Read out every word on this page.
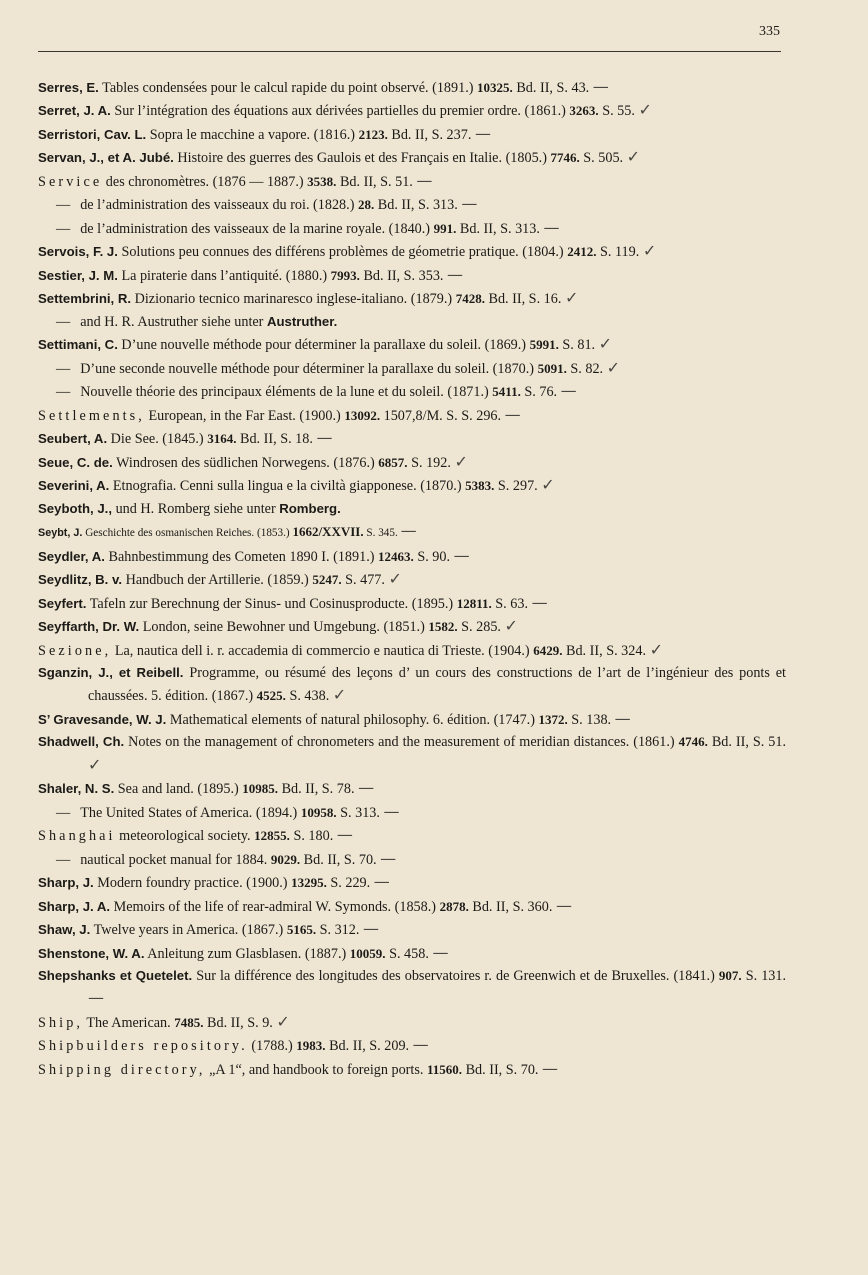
335
Serres, E. Tables condensées pour le calcul rapide du point observé. (1891.) 10325. Bd. II, S. 43. —
Serret, J. A. Sur l’intégration des équations aux dérivées partielles du premier ordre. (1861.) 3263. S. 55. ✓
Serristori, Cav. L. Sopra le macchine a vapore. (1816.) 2123. Bd. II, S. 237. —
Servan, J., et A. Jubé. Histoire des guerres des Gaulois et des Français en Italie. (1805.) 7746. S. 505. ✓
Service des chronomètres. (1876 — 1887.) 3538. Bd. II, S. 51. —
— de l’administration des vaisseaux du roi. (1828.) 28. Bd. II, S. 313. —
— de l’administration des vaisseaux de la marine royale. (1840.) 991. Bd. II, S. 313. —
Servois, F. J. Solutions peu connues des différens problèmes de géometrie pratique. (1804.) 2412. S. 119. ✓
Sestier, J. M. La piraterie dans l’antiquité. (1880.) 7993. Bd. II, S. 353. —
Settembrini, R. Dizionario tecnico marinaresco inglese-italiano. (1879.) 7428. Bd. II, S. 16. ✓
— and H. R. Austruther siehe unter Austruther.
Settimani, C. D’une nouvelle méthode pour déterminer la parallaxe du soleil. (1869.) 5991. S. 81. ✓
— D’une seconde nouvelle méthode pour déterminer la parallaxe du soleil. (1870.) 5091. S. 82. ✓
— Nouvelle théorie des principaux éléments de la lune et du soleil. (1871.) 5411. S. 76. —
Settlements, European, in the Far East. (1900.) 13092. 1507,8/M. S. S. 296. —
Seubert, A. Die See. (1845.) 3164. Bd. II, S. 18. —
Seue, C. de. Windrosen des südlichen Norwegens. (1876.) 6857. S. 192. ✓
Severini, A. Etnografia. Cenni sulla lingua e la civiltà giapponese. (1870.) 5383. S. 297. ✓
Seyboth, J., und H. Romberg siehe unter Romberg.
Seybt, J. Geschichte des osmanischen Reiches. (1853.) 1662/XXVII. S. 345. —
Seydler, A. Bahnbestimmung des Cometen 1890 I. (1891.) 12463. S. 90. —
Seydlitz, B. v. Handbuch der Artillerie. (1859.) 5247. S. 477. ✓
Seyfert. Tafeln zur Berechnung der Sinus- und Cosinusproducte. (1895.) 12811. S. 63. —
Seyffarth, Dr. W. London, seine Bewohner und Umgebung. (1851.) 1582. S. 285. ✓
Sezione, La, nautica dell i. r. accademia di commercio e nautica di Trieste. (1904.) 6429. Bd. II, S. 324. ✓
Sganzin, J., et Reibell. Programme, ou résumé des leçons d’ un cours des constructions de l’art de l’ingénieur des ponts et chaussées. 5. édition. (1867.) 4525. S. 438. ✓
S’ Gravesande, W. J. Mathematical elements of natural philosophy. 6. édition. (1747.) 1372. S. 138. —
Shadwell, Ch. Notes on the management of chronometers and the measurement of meridian distances. (1861.) 4746. Bd. II, S. 51. ✓
Shaler, N. S. Sea and land. (1895.) 10985. Bd. II, S. 78. —
— The United States of America. (1894.) 10958. S. 313. —
Shanghai meteorological society. 12855. S. 180. —
— nautical pocket manual for 1884. 9029. Bd. II, S. 70. —
Sharp, J. Modern foundry practice. (1900.) 13295. S. 229. —
Sharp, J. A. Memoirs of the life of rear-admiral W. Symonds. (1858.) 2878. Bd. II, S. 360. —
Shaw, J. Twelve years in America. (1867.) 5165. S. 312. —
Shenstone, W. A. Anleitung zum Glasblasen. (1887.) 10059. S. 458. —
Shepshanks et Quetelet. Sur la différence des longitudes des observatoires r. de Greenwich et de Bruxelles. (1841.) 907. S. 131. —
Ship, The American. 7485. Bd. II, S. 9. ✓
Shipbuilders repository. (1788.) 1983. Bd. II, S. 209. —
Shipping directory, „A 1“, and handbook to foreign ports. 11560. Bd. II, S. 70. —
